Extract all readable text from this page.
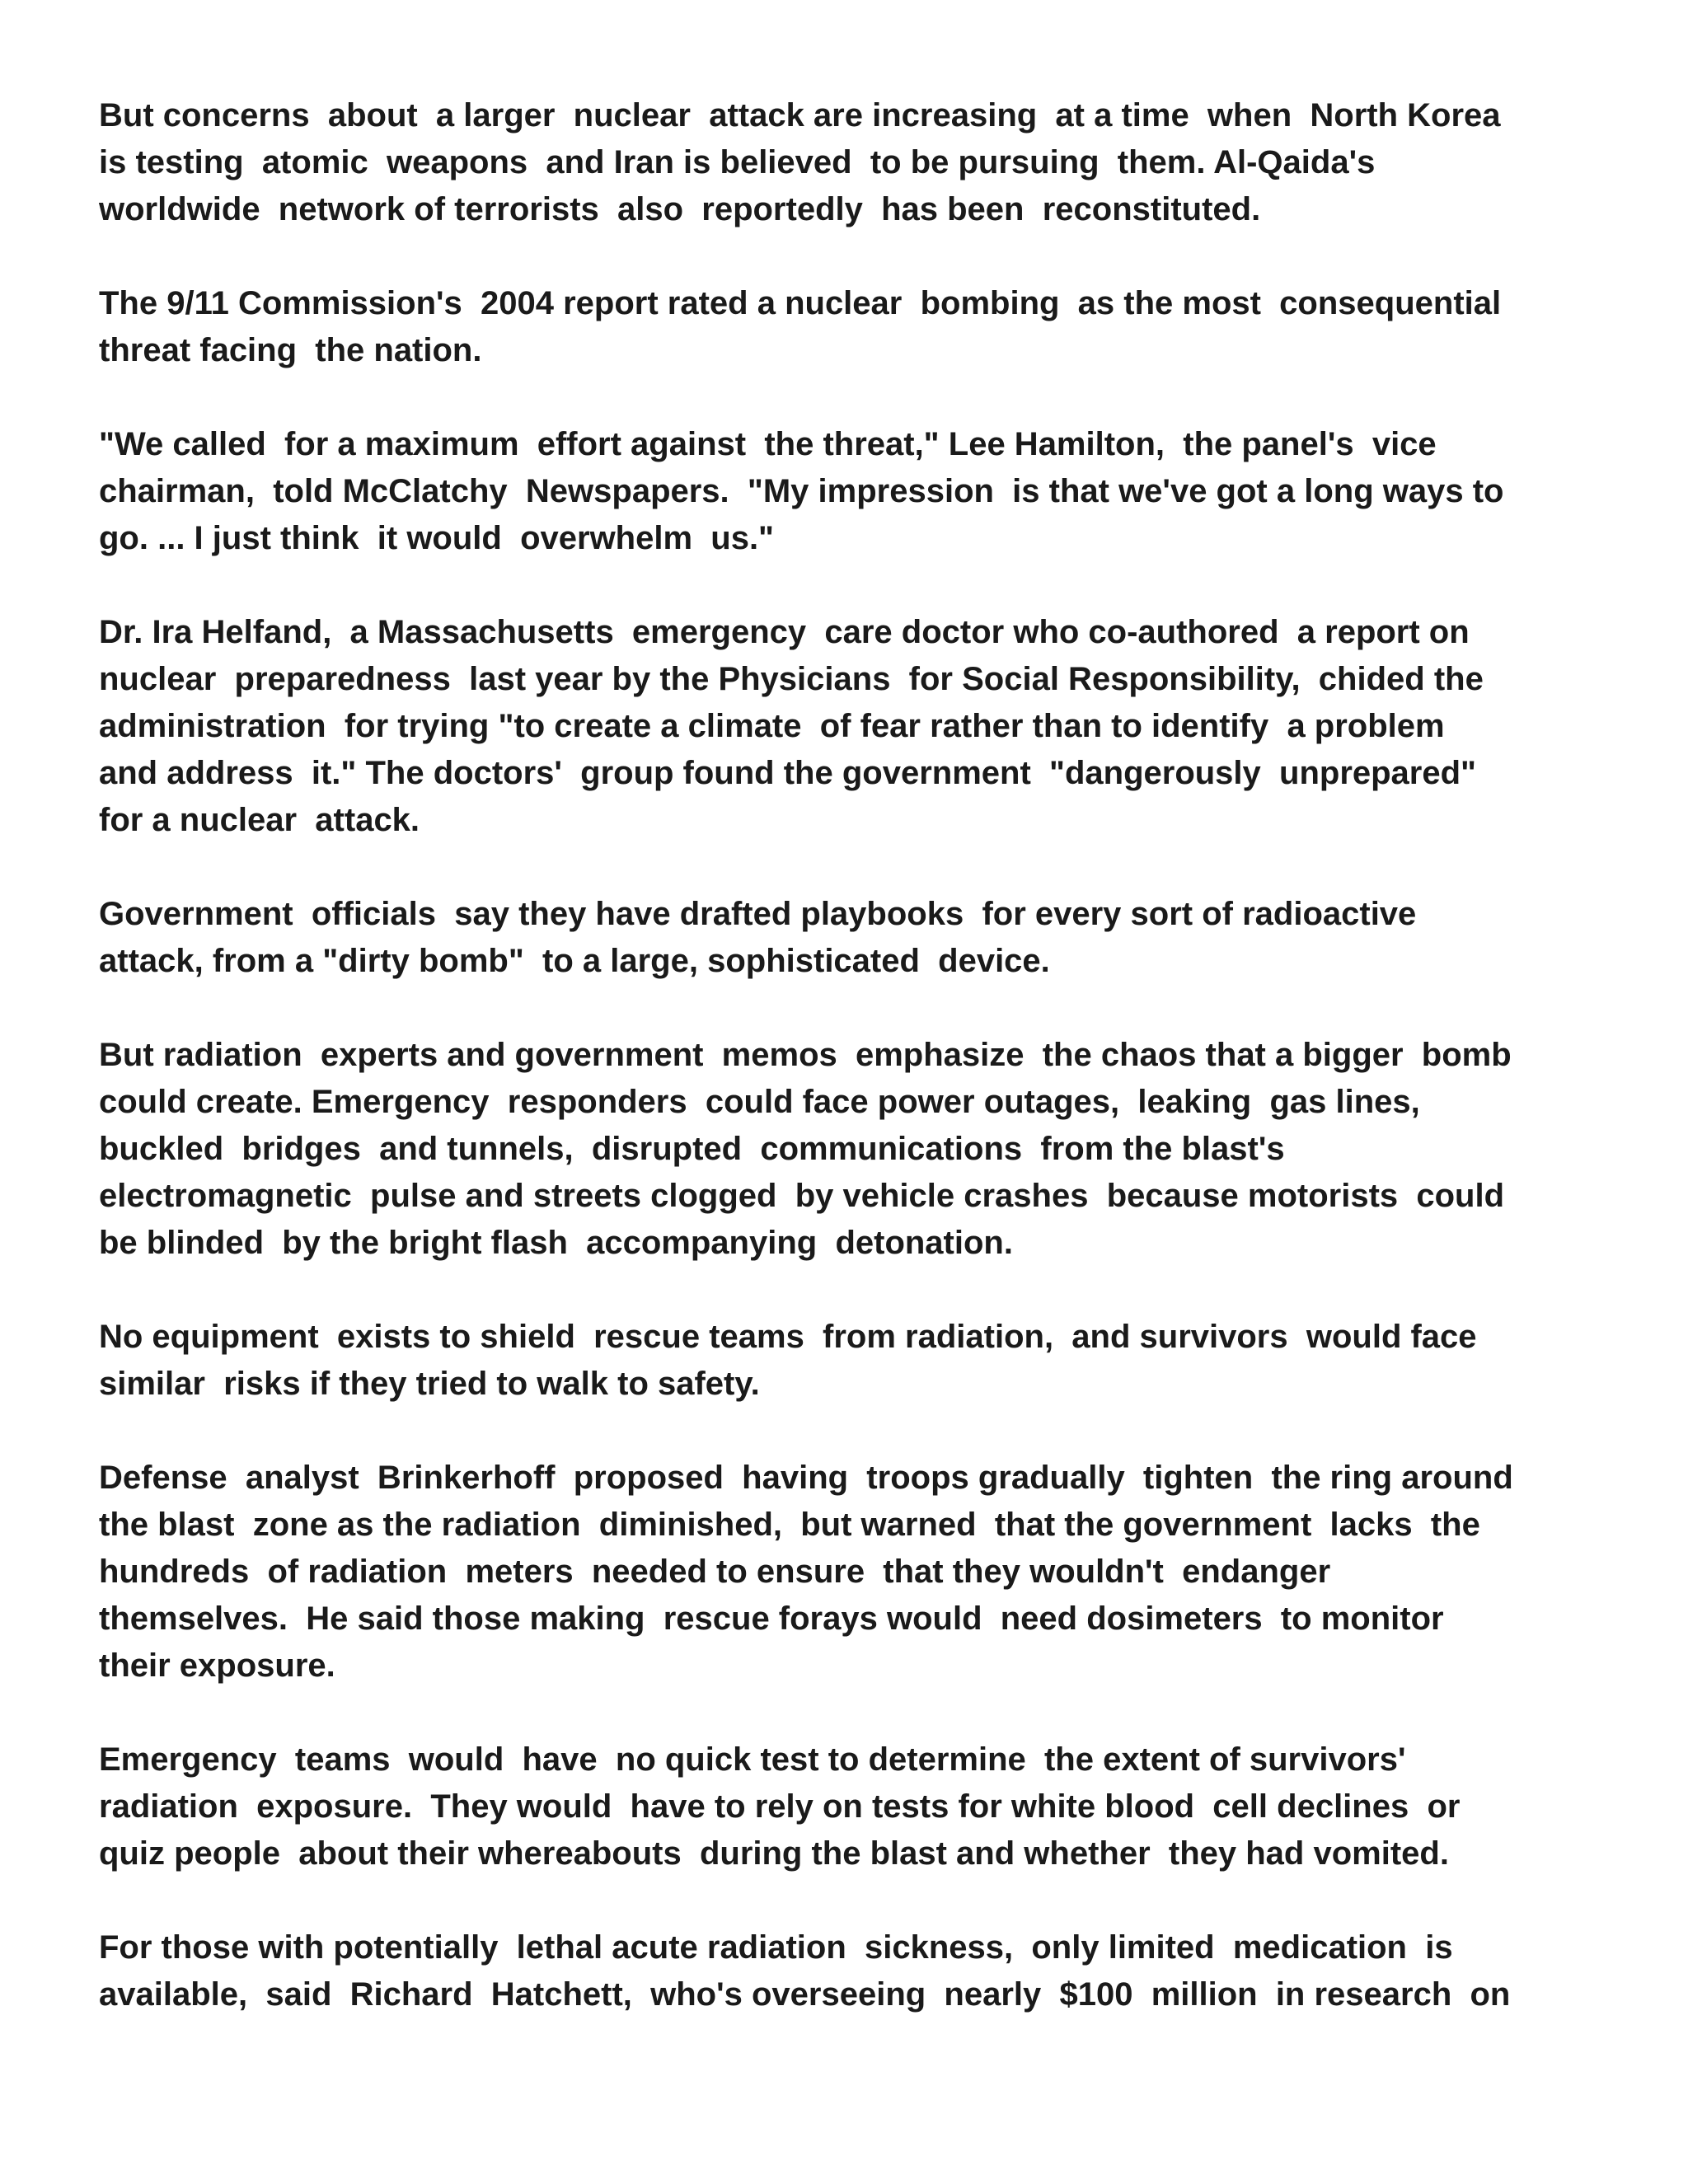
But concerns  about  a larger  nuclear  attack are increasing  at a time  when  North Korea
is testing  atomic  weapons  and Iran is believed  to be pursuing  them. Al-Qaida's
worldwide  network of terrorists  also  reportedly  has been  reconstituted.

The 9/11 Commission's  2004 report rated a nuclear  bombing  as the most  consequential
threat facing  the nation.

"We called  for a maximum  effort against  the threat," Lee Hamilton,  the panel's  vice
chairman,  told McClatchy  Newspapers.  "My impression  is that we've got a long ways to
go. ... I just think  it would  overwhelm  us."

Dr. Ira Helfand,  a Massachusetts  emergency  care doctor who co-authored  a report on
nuclear  preparedness  last year by the Physicians  for Social Responsibility,  chided the
administration  for trying "to create a climate  of fear rather than to identify  a problem
and address  it." The doctors'  group found the government  "dangerously  unprepared"
for a nuclear  attack.

Government  officials  say they have drafted playbooks  for every sort of radioactive
attack, from a "dirty bomb"  to a large, sophisticated  device.

But radiation  experts and government  memos  emphasize  the chaos that a bigger  bomb
could create. Emergency  responders  could face power outages,  leaking  gas lines,
buckled  bridges  and tunnels,  disrupted  communications  from the blast's
electromagnetic  pulse and streets clogged  by vehicle crashes  because motorists  could
be blinded  by the bright flash  accompanying  detonation.

No equipment  exists to shield  rescue teams  from radiation,  and survivors  would face
similar  risks if they tried to walk to safety.

Defense  analyst  Brinkerhoff  proposed  having  troops gradually  tighten  the ring around
the blast  zone as the radiation  diminished,  but warned  that the government  lacks  the
hundreds  of radiation  meters  needed to ensure  that they wouldn't  endanger
themselves.  He said those making  rescue forays would  need dosimeters  to monitor
their exposure.

Emergency  teams  would  have  no quick test to determine  the extent of survivors'
radiation  exposure.  They would  have to rely on tests for white blood  cell declines  or
quiz people  about their whereabouts  during the blast and whether  they had vomited.

For those with potentially  lethal acute radiation  sickness,  only limited  medication  is
available,  said  Richard  Hatchett,  who's overseeing  nearly  $100  million  in research  on
